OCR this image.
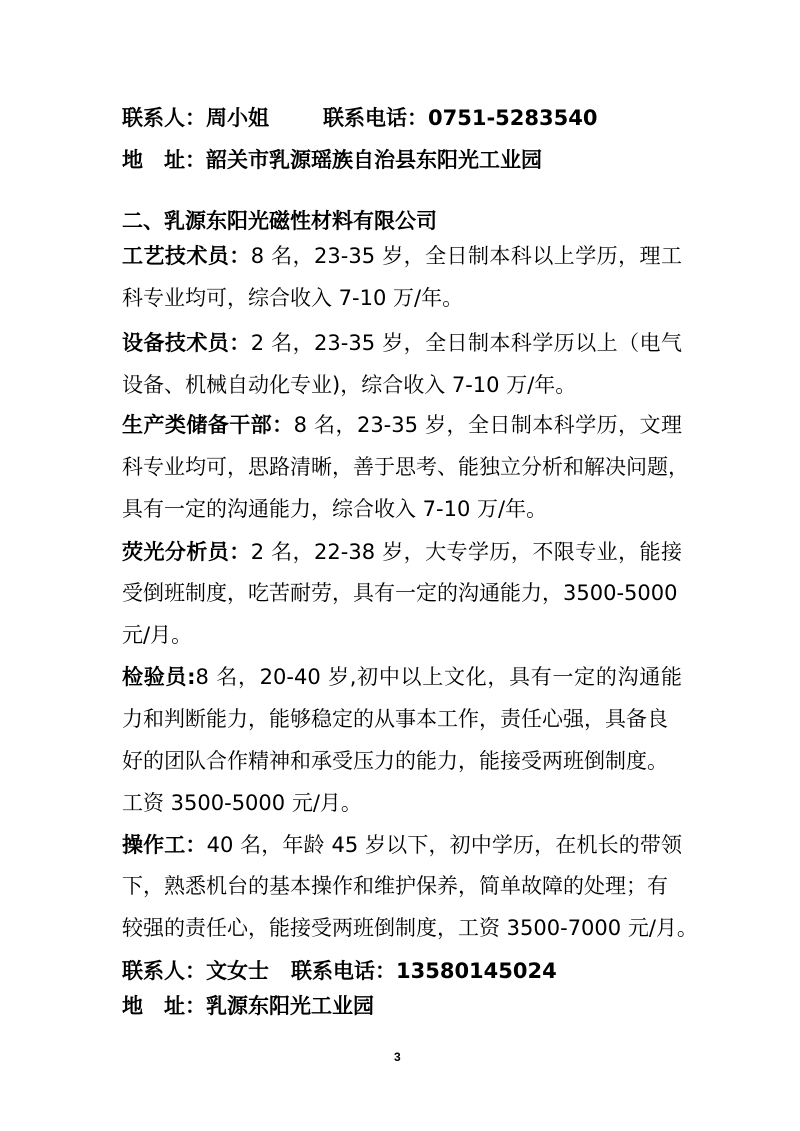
联系人：周小姐	联系电话：0751-5283540
地　址：韶关市乳源瑶族自治县东阳光工业园
二、乳源东阳光磁性材料有限公司
工艺技术员：8 名，23-35 岁，全日制本科以上学历，理工
科专业均可，综合收入 7-10 万/年。
设备技术员：2 名，23-35 岁，全日制本科学历以上（电气
设备、机械自动化专业)，综合收入 7-10 万/年。
生产类储备干部：8 名，23-35 岁，全日制本科学历，文理
科专业均可，思路清晰，善于思考、能独立分析和解决问题，
具有一定的沟通能力，综合收入 7-10 万/年。
荧光分析员：2 名，22-38 岁，大专学历，不限专业，能接
受倒班制度，吃苦耐劳，具有一定的沟通能力，3500-5000
元/月。
检验员:8 名，20-40 岁,初中以上文化，具有一定的沟通能
力和判断能力，能够稳定的从事本工作，责任心强，具备良
好的团队合作精神和承受压力的能力，能接受两班倒制度。
工资 3500-5000 元/月。
操作工：40 名，年龄 45 岁以下，初中学历，在机长的带领
下，熟悉机台的基本操作和维护保养，简单故障的处理；有
较强的责任心，能接受两班倒制度，工资 3500-7000 元/月。
联系人：文女士 联系电话：13580145024
地　址：乳源东阳光工业园
3
